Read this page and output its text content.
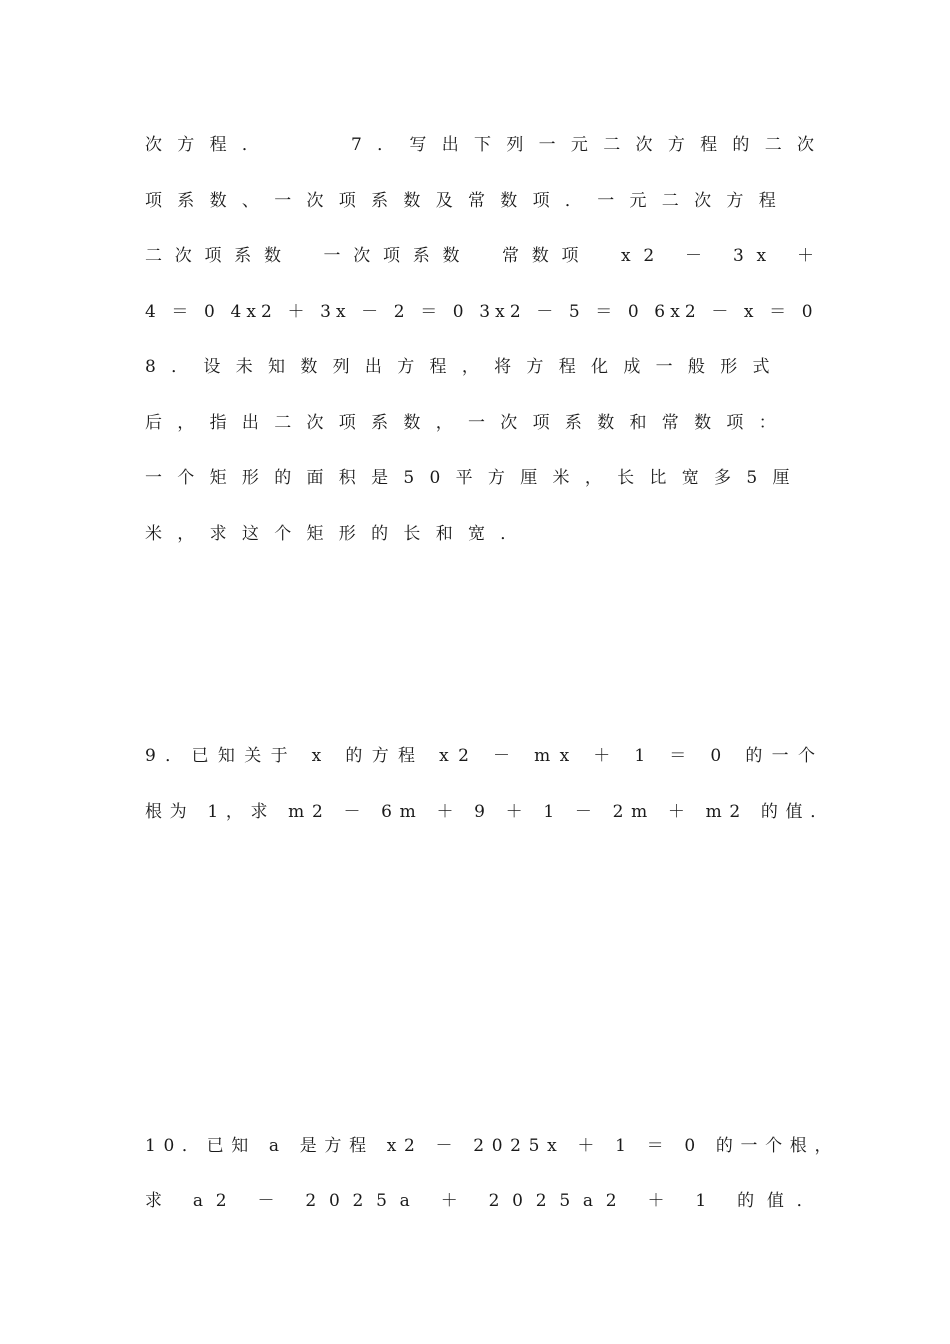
次方程．　 　7．写出下列一元二次方程的二次
项系数、一次项系数及常数项．一元二次方程
二次项系数　一次项系数　常数项　x2 － 3x ＋
4 ＝ 0 4x2 ＋ 3x － 2 ＝ 0 3x2 － 5 ＝ 0 6x2 － x ＝ 0
8．设未知数列出方程，将方程化成一般形式
后，指出二次项系数，一次项系数和常数项：
一个矩形的面积是50平方厘米，长比宽多5厘
米，求这个矩形的长和宽．
9．已知关于 x 的方程 x2 － mx ＋ 1 ＝ 0 的一个
根为 1，求 m2 － 6m ＋ 9 ＋ 1 － 2m ＋ m2 的值．
10．已知 a 是方程 x2 － 2025x ＋ 1 ＝ 0 的一个根，
求 a2 － 2025a ＋ 2025a2 ＋ 1 的值．
